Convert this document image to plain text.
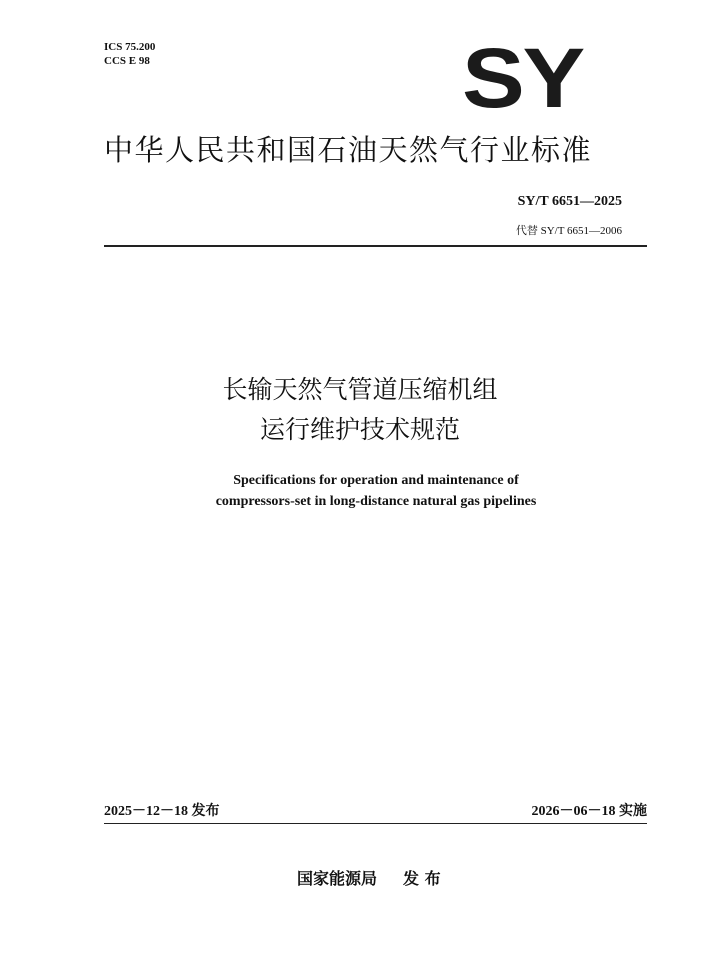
ICS 75.200
CCS E 98	SY
中华人民共和国石油天然气行业标准
SY/T 6651—2025
代替 SY/T 6651—2006
长输天然气管道压缩机组
运行维护技术规范
Specifications for operation and maintenance of
compressors-set in long-distance natural gas pipelines
2025－12－18 发布	2026－06－18 实施
国家能源局 发 布
